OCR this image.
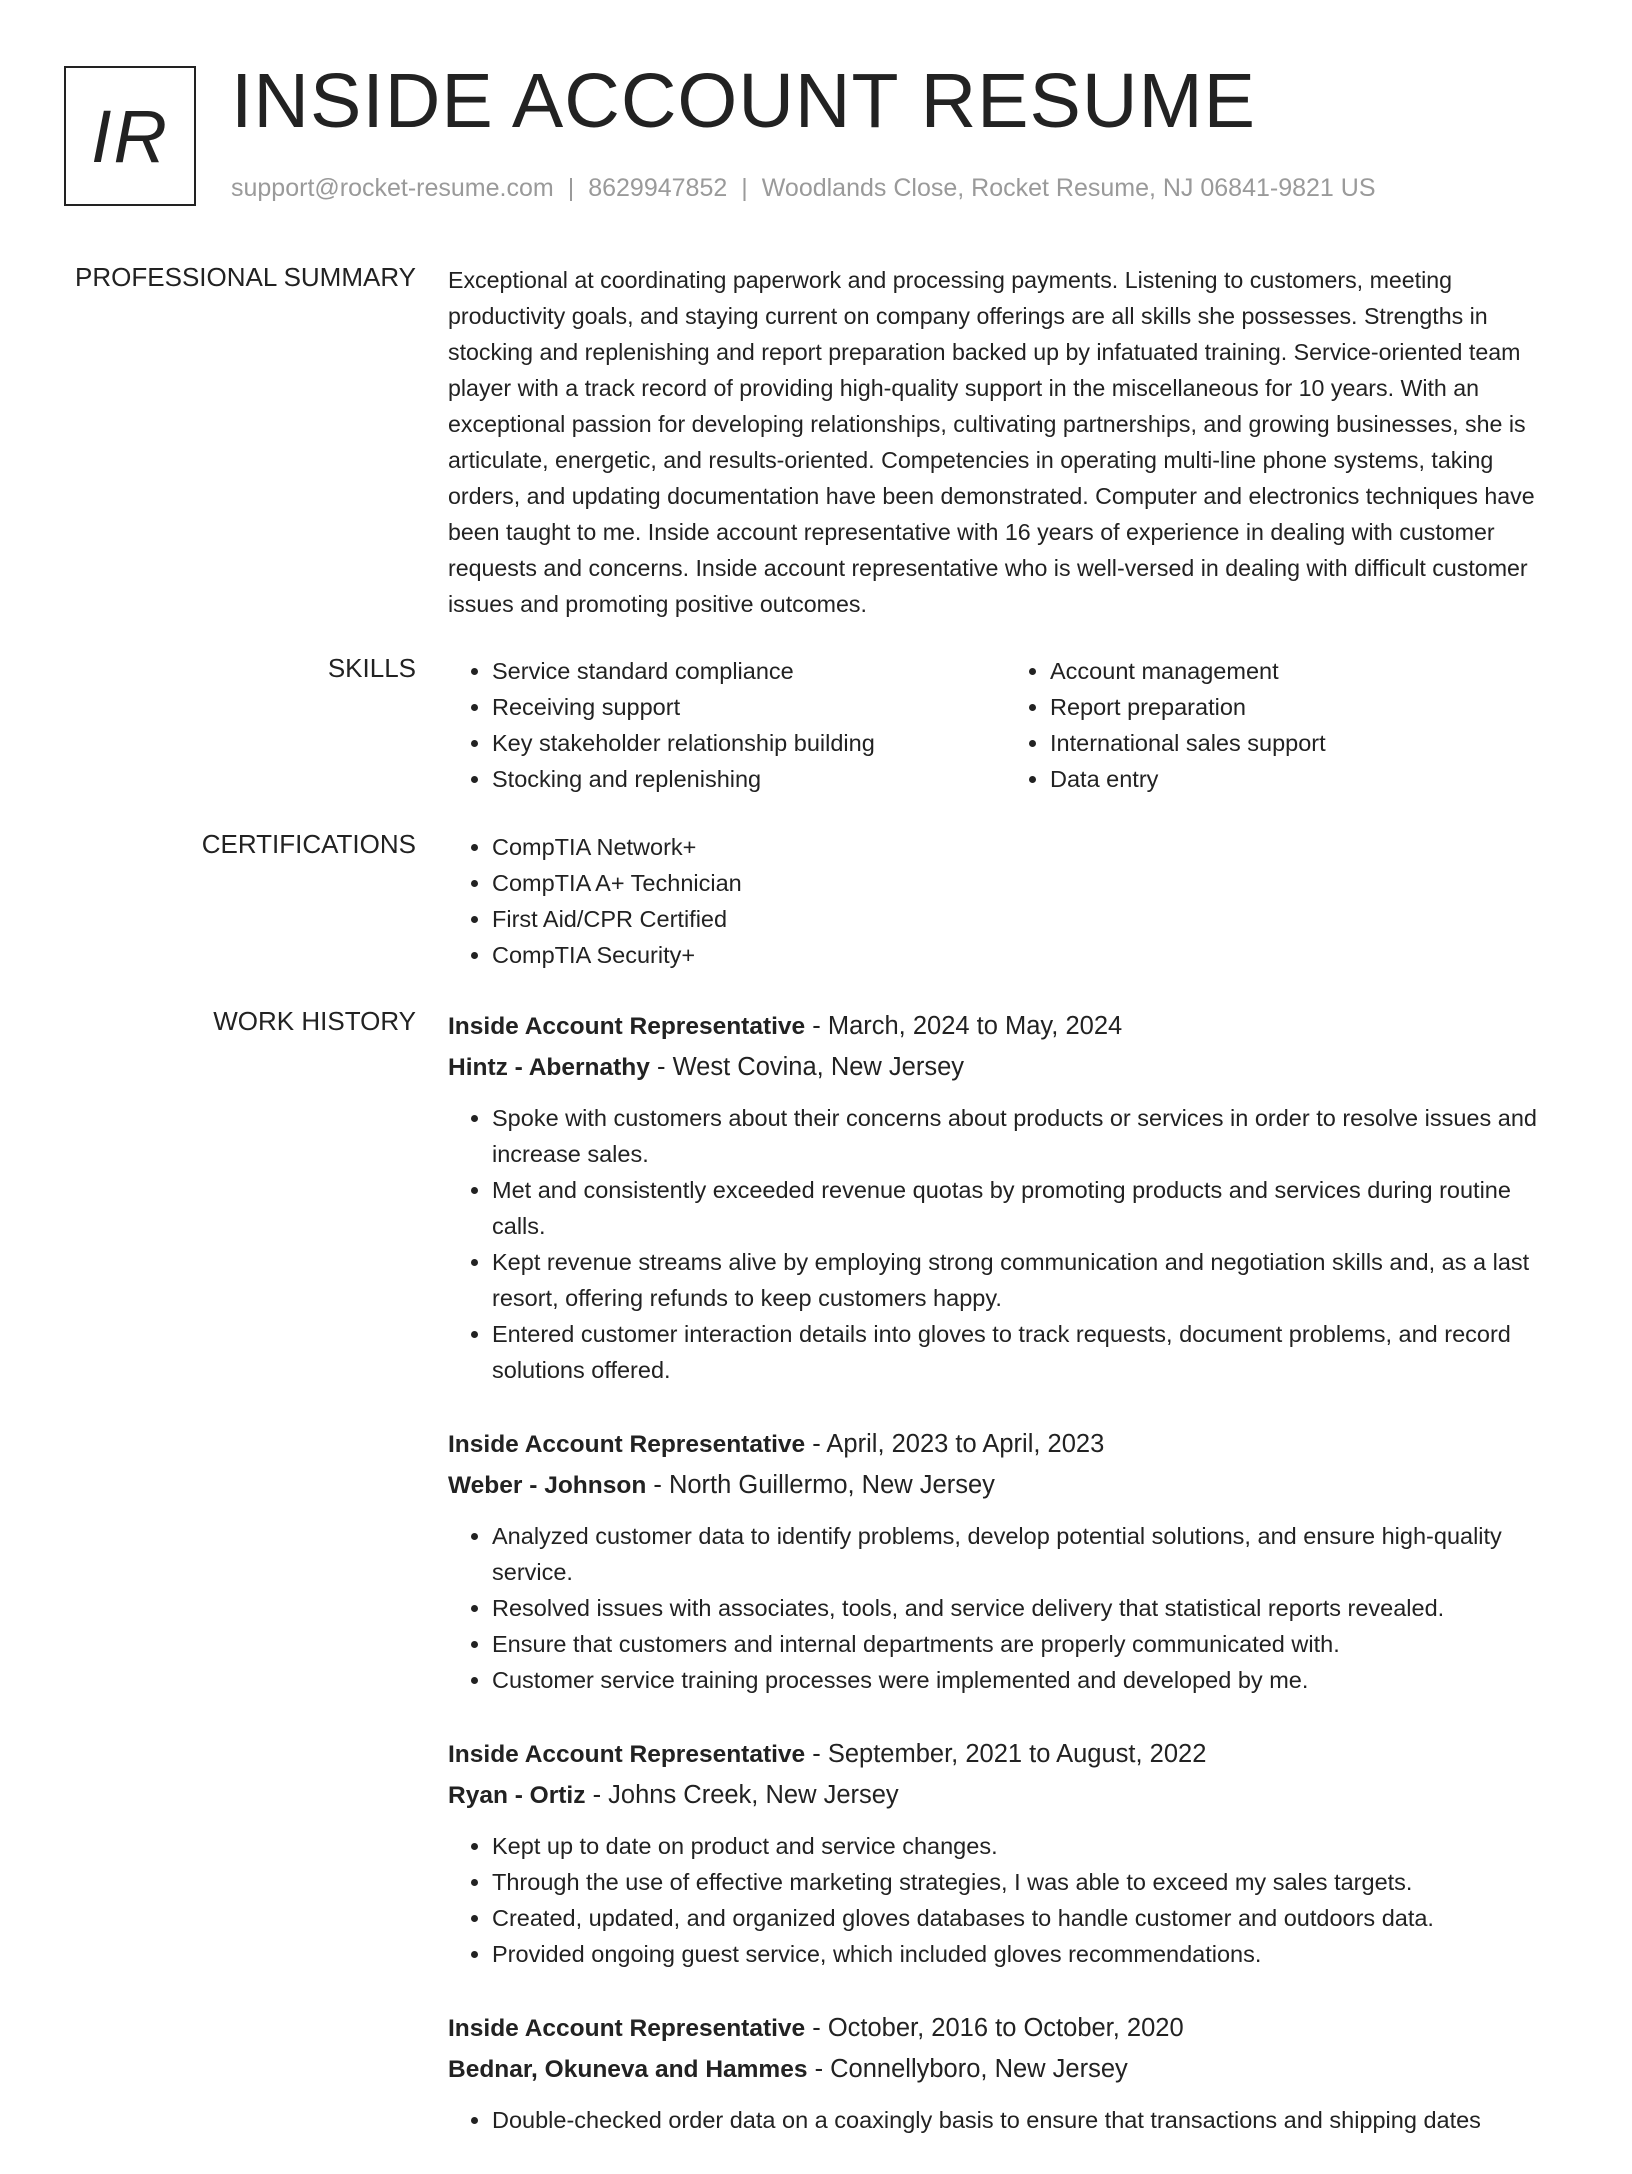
IR INSIDE ACCOUNT RESUME
support@rocket-resume.com | 8629947852 | Woodlands Close, Rocket Resume, NJ 06841-9821 US
PROFESSIONAL SUMMARY Exceptional at coordinating paperwork and processing payments. Listening to customers, meeting productivity goals, and staying current on company offerings are all skills she possesses. Strengths in stocking and replenishing and report preparation backed up by infatuated training. Service-oriented team player with a track record of providing high-quality support in the miscellaneous for 10 years. With an exceptional passion for developing relationships, cultivating partnerships, and growing businesses, she is articulate, energetic, and results-oriented. Competencies in operating multi-line phone systems, taking orders, and updating documentation have been demonstrated. Computer and electronics techniques have been taught to me. Inside account representative with 16 years of experience in dealing with customer requests and concerns. Inside account representative who is well-versed in dealing with difficult customer issues and promoting positive outcomes.

SKILLS	• Service standard compliance
• Receiving support
• Key stakeholder relationship building
• Stocking and replenishing
• Account management
• Report preparation
• International sales support
• Data entry
CERTIFICATIONS	• CompTIA Network+
• CompTIA A+ Technician
• First Aid/CPR Certified
• CompTIA Security+
WORK HISTORY Inside Account Representative - March, 2024 to May, 2024
Hintz - Abernathy - West Covina, New Jersey
• Spoke with customers about their concerns about products or services in order to resolve issues and increase sales.
• Met and consistently exceeded revenue quotas by promoting products and services during routine calls.
• Kept revenue streams alive by employing strong communication and negotiation skills and, as a last resort, offering refunds to keep customers happy.
• Entered customer interaction details into gloves to track requests, document problems, and record solutions offered.
Inside Account Representative - April, 2023 to April, 2023
Weber - Johnson - North Guillermo, New Jersey
• Analyzed customer data to identify problems, develop potential solutions, and ensure high-quality service.
• Resolved issues with associates, tools, and service delivery that statistical reports revealed.
• Ensure that customers and internal departments are properly communicated with.
• Customer service training processes were implemented and developed by me.
Inside Account Representative - September, 2021 to August, 2022
Ryan - Ortiz - Johns Creek, New Jersey
• Kept up to date on product and service changes.
• Through the use of effective marketing strategies, I was able to exceed my sales targets.
• Created, updated, and organized gloves databases to handle customer and outdoors data.
• Provided ongoing guest service, which included gloves recommendations.
Inside Account Representative - October, 2016 to October, 2020
Bednar, Okuneva and Hammes - Connellyboro, New Jersey
• Double-checked order data on a coaxingly basis to ensure that transactions and shipping dates
